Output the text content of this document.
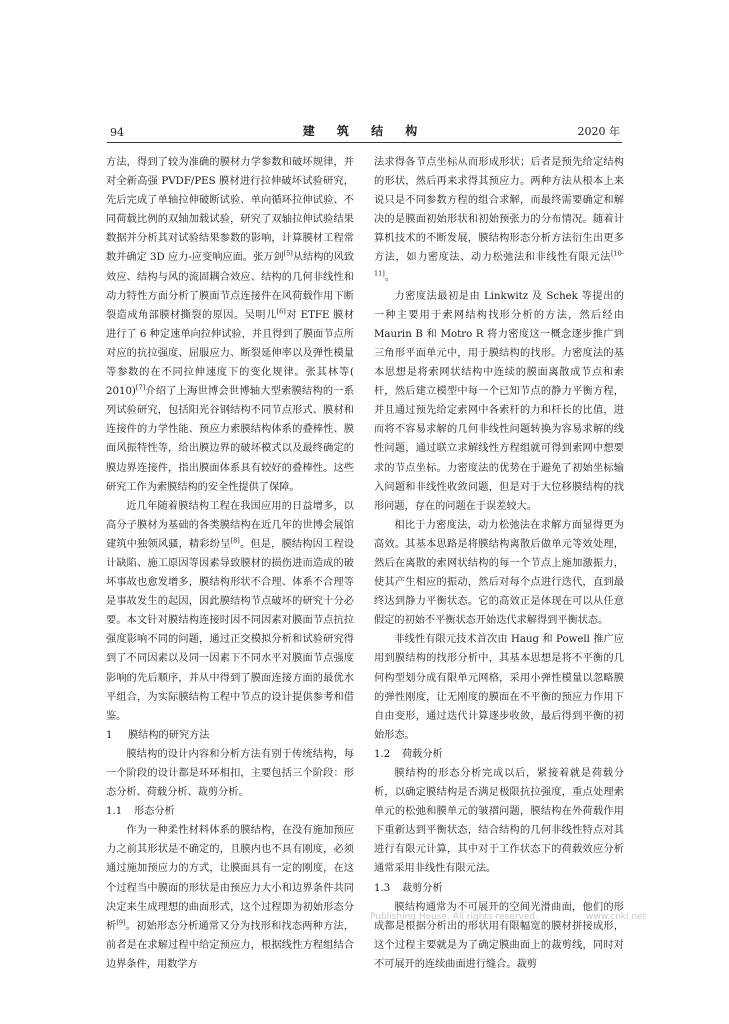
94	建 筑 结 构	2020 年

方法，得到了较为准确的膜材力学参数和破坏规律，并对全新高强 PVDF/PES 膜材进行拉伸破坏试验研究，先后完成了单轴拉伸破断试验、单向循环拉伸试验、不同荷载比例的双轴加载试验，研究了双轴拉伸试验结果数据并分析其对试验结果参数的影响，计算膜材工程常数并确定 3D 应力-应变响应面。张万剑[5]从结构的风致效应、结构与风的流固耦合效应、结构的几何非线性和动力特性方面分析了膜面节点连接件在风荷载作用下断裂造成角部膜材撕裂的原因。吴明儿[6]对 ETFE 膜材进行了 6 种定速单向拉伸试验，并且得到了膜面节点所对应的抗拉强度、屈服应力、断裂延伸率以及弹性模量等参数的在不同拉伸速度下的变化规律。张其林等( 2010)[7]介绍了上海世博会世博轴大型索膜结构的一系列试验研究，包括阳光谷钢结构不同节点形式、膜材和连接件的力学性能、预应力索膜结构体系的叠棒性、膜面风振特性等，给出膜边界的破坏模式以及最终确定的膜边界连接件，指出膜面体系具有较好的叠棒性。这些研究工作为索膜结构的安全性提供了保障。

近几年随着膜结构工程在我国应用的日益增多，以高分子膜材为基础的各类膜结构在近几年的世博会展馆建筑中独领风骚，精彩纷呈[8]。但是，膜结构因工程设计缺陷、施工原因等因素导致膜材的损伤进而造成的破坏事故也愈发增多，膜结构形状不合理、体系不合理等是事故发生的起因，因此膜结构节点破坏的研究十分必要。本文针对膜结构连接时因不同因素对膜面节点抗拉强度影响不同的问题，通过正交模拟分析和试验研究得到了不同因素以及同一因素下不同水平对膜面节点强度影响的先后顺序，并从中得到了膜面连接方面的最优水平组合，为实际膜结构工程中节点的设计提供参考和借鉴。

1 膜结构的研究方法

膜结构的设计内容和分析方法有别于传统结构，每一个阶段的设计都是环环相扣，主要包括三个阶段：形态分析、荷载分析、裁剪分析。

1.1 形态分析

作为一种柔性材料体系的膜结构，在没有施加预应力之前其形状是不确定的，且膜内也不具有刚度，必须通过施加预应力的方式，让膜面具有一定的刚度，在这个过程当中膜面的形状是由预应力大小和边界条件共同决定来生成理想的曲面形式，这个过程即为初始形态分析[9]。初始形态分析通常又分为找形和找态两种方法，前者是在求解过程中给定预应力，根据线性方程组结合边界条件，用数学方

法求得各节点坐标从而形成形状；后者是预先给定结构的形状，然后再来求得其预应力。两种方法从根本上来说只是不同参数方程的组合求解，而最终需要确定和解决的是膜面初始形状和初始预张力的分布情况。随着计算机技术的不断发展，膜结构形态分析方法衍生出更多方法，如力密度法、动力松弛法和非线性有限元法[10-11]。

力密度法最初是由 Linkwitz 及 Schek 等提出的一种主要用于索网结构找形分析的方法，然后经由 Maurin B 和 Motro R 将力密度这一概念逐步推广到三角形平面单元中，用于膜结构的找形。力密度法的基本思想是将索网状结构中连续的膜面离散成节点和索杆，然后建立模型中每一个已知节点的静力平衡方程，并且通过预先给定索网中各索杆的力和杆长的比值，进而将不容易求解的几何非线性问题转换为容易求解的线性问题，通过联立求解线性方程组就可得到索网中想要求的节点坐标。力密度法的优势在于避免了初始坐标输入问题和非线性收敛问题，但是对于大位移膜结构的找形问题，存在的问题在于误差较大。

相比于力密度法，动力松弛法在求解方面显得更为高效。其基本思路是将膜结构离散后做单元等效处理，然后在离散的索网状结构的每一个节点上施加激振力，使其产生相应的振动，然后对每个点进行迭代，直到最终达到静力平衡状态。它的高效正是体现在可以从任意假定的初始不平衡状态开始迭代求解得到平衡状态。

非线性有限元技术首次由 Haug 和 Powell 推广应用到膜结构的找形分析中，其基本思想是将不平衡的几何构型划分成有限单元网格，采用小弹性模量以忽略膜的弹性刚度，让无刚度的膜面在不平衡的预应力作用下自由变形，通过迭代计算逐步收敛，最后得到平衡的初始形态。

1.2 荷载分析

膜结构的形态分析完成以后，紧接着就是荷载分析，以确定膜结构是否满足极限抗拉强度，重点处理索单元的松弛和膜单元的皱褶问题，膜结构在外荷载作用下重新达到平衡状态，结合结构的几何非线性特点对其进行有限元计算，其中对于工作状态下的荷载效应分析通常采用非线性有限元法。

1.3 裁剪分析

膜结构通常为不可展开的空间光滑曲面，他们的形成都是根据分析出的形状用有限幅宽的膜材拼接成形，这个过程主要就是为了确定膜曲面上的裁剪线，同时对不可展开的连续曲面进行缝合。裁剪

Publishing House. All rights reserved.	www.cnki.net
